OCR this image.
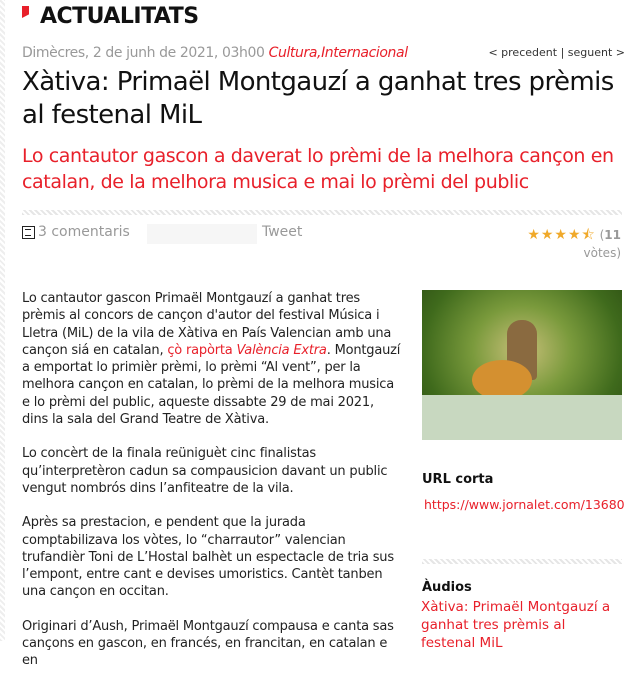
ACTUALITATS
Dimècres, 2 de junh de 2021, 03h00 Cultura,Internacional	< precedent | seguent >
Xàtiva: Primaël Montgauzí a ganhat tres prèmis al festenal MiL
Lo cantautor gascon a daverat lo prèmi de la melhora cançon en catalan, de la melhora musica e mai lo prèmi del public
3 comentaris	Tweet	★★★★⯪ (11
vòtes)

Lo cantautor gascon Primaël Montgauzí a ganhat tres prèmis al concors de cançon d'autor del festival Música i Lletra (MiL) de la vila de Xàtiva en País Valencian amb una cançon siá en catalan, çò rapòrta València Extra. Montgauzí a emportat lo primièr prèmi, lo prèmi “Al vent”, per la melhora cançon en catalan, lo prèmi de la melhora musica e lo prèmi del public, aqueste dissabte 29 de mai 2021, dins la sala del Grand Teatre de Xàtiva.

Lo concèrt de la finala reüniguèt cinc finalistas qu’interpretèron cadun sa compausicion davant un public vengut nombrós dins l’anfiteatre de la vila.

Après sa prestacion, e pendent que la jurada comptabilizava los vòtes, lo “charrautor” valencian trufandièr Toni de L’Hostal balhèt un espectacle de tria sus l’empont, entre cant e devises umoristics. Cantèt tanben una cançon en occitan.

Originari d’Aush, Primaël Montgauzí compausa e canta sas cançons en gascon, en francés, en francitan, en catalan e en

URL corta
https://www.jornalet.com/13680
Àudios
Xàtiva: Primaël Montgauzí a ganhat tres prèmis al festenal MiL
